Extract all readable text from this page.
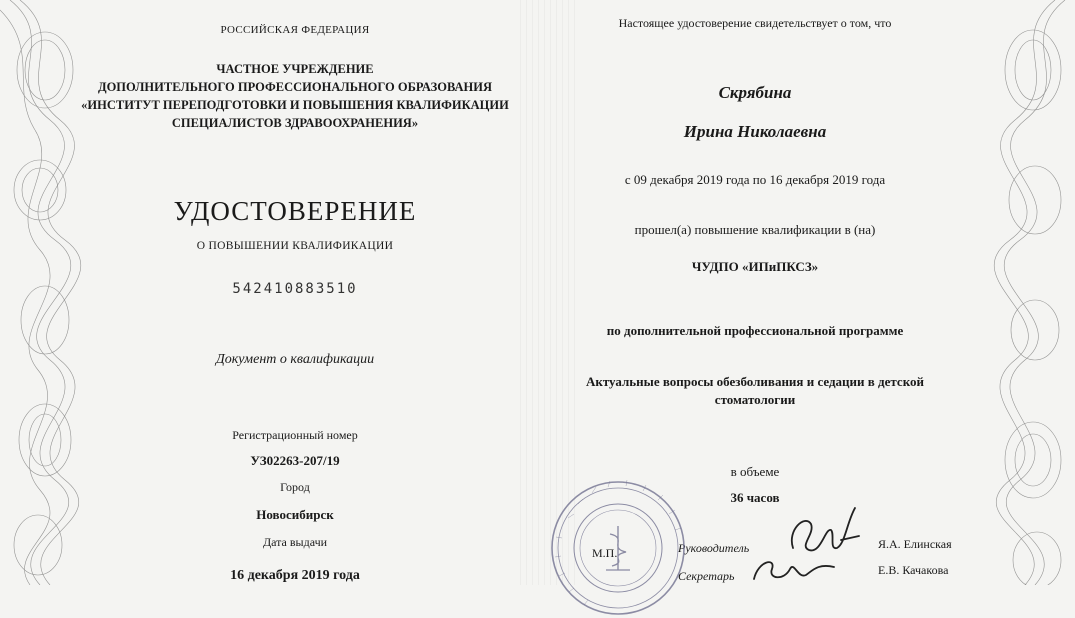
РОССИЙСКАЯ ФЕДЕРАЦИЯ
ЧАСТНОЕ УЧРЕЖДЕНИЕ
ДОПОЛНИТЕЛЬНОГО ПРОФЕССИОНАЛЬНОГО ОБРАЗОВАНИЯ
«ИНСТИТУТ ПЕРЕПОДГОТОВКИ И ПОВЫШЕНИЯ КВАЛИФИКАЦИИ
СПЕЦИАЛИСТОВ ЗДРАВООХРАНЕНИЯ»
УДОСТОВЕРЕНИЕ
О ПОВЫШЕНИИ КВАЛИФИКАЦИИ
542410883510
Документ о квалификации
Регистрационный номер
УЗ02263-207/19
Город
Новосибирск
Дата выдачи
16 декабря 2019 года
Настоящее удостоверение свидетельствует о том, что
Скрябина
Ирина Николаевна
с 09 декабря 2019 года по 16 декабря 2019 года
прошел(а) повышение квалификации в (на)
ЧУДПО «ИПиПКСЗ»
по дополнительной профессиональной программе
Актуальные вопросы обезболивания и седации в детской
стоматологии
в объеме
36 часов
М.П.	Руководитель
Секретарь
Я.А. Елинская
Е.В. Качакова
